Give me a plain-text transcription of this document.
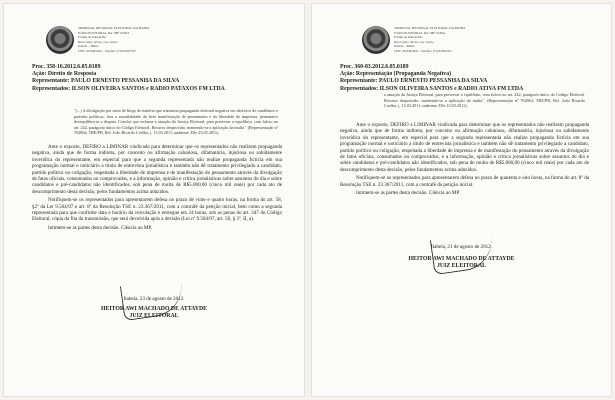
TRIBUNAL REGIONAL ELEITORAL DA BAHIA
JUÍZO ELEITORAL DA 188ª ZONA
Fórum de Itabela-Ba
Rua Castro Alves, s/n, centro
Itabela – Bahia
CEP: 45.848-000 – Telefax: (73)32935357
Proc. 358-16.2012.6.05.0189
Ação: Direito de Resposta
Representante: PAULO ERNESTO PESSANHA DA SILVA
Representados: ILSON OLIVEIRA SANTOS e RÁDIO PATAXÓS FM LTDA
"(...) A divulgação por meio de blogs de matéria que transmita propaganda eleitoral negativa em desfavor de candidatos e partidos políticos, fora a razoabilidade da livre manifestação de pensamento e da liberdade de imprensa, permanece desequilibra-se a disputa. Conclui que reclama a atuação da Justiça Eleitoral, para preservar o equilíbrio, com fulcro no art. 242, parágrafo único do Código Eleitoral. Recurso desprovido, mantendo-se a aplicação da multa". (Representação nº 762864, TRE/PB, Rel. João Ricardo Coelho; j. 15.03.2011, unânime, DJe 23.03.2011).

Ante o exposto, DEFIRO a LIMINAR vindicada para determinar que os representados não realizem propaganda negativa, ainda que de forma indireta, por conceito ou afirmação caluniosa, difamatória, injuriosa ou sabidamente inverídica do representante, em especial para que a segunda representada não realize propaganda fictícia em sua programação normal e noticiário a título de entrevista jornalística e também não dê tratamento privilegiado a candidato, partido político ou coligação, respeitada a liberdade de imprensa e de manifestação do pensamento através da divulgação de fatos ofíciais, consumados ou comprovados, e a informação, opinião e crítica jornalísticas sobre assuntos do dia e sobre candidatos e pré-candidatos não identificados, sob pena de multa de R$5.000,00 (cinco mil reais) por cada ato de descumprimento desta decisão, pelos fundamentos acima aduzidos.

Notifiquem-se os representados para apresentarem defesa no prazo de vinte e quatro horas, na forma do art. 58, §2º da Lei 9.504/97 e art. 8º da Resolução TSE n. 23.367/2011, com a contrafé da petição inicial, bem como a segunda representada para que confirme data e horário da veiculação e entregue em 24 horas, sob as penas do art. 347 do Código Eleitoral, cópia da fita da transmissão, que será devolvida após a decisão (Lei nº 9.504/97, art. 58, § 3º, II, a).

Intimem-se as partes desta decisão. Ciência ao MP.

Itabela, 23 de agosto de 2012.
HEITOR AWI MACHADO DE ATTAYDE
JUIZ ELEITORAL
TRIBUNAL REGIONAL ELEITORAL DA BAHIA
JUÍZO ELEITORAL DA 188ª ZONA
Fórum de Itabela-Ba
Rua Castro Alves, s/n, centro
Itabela – Bahia
CEP: 45.848-000 – Telefax: (73)32935357
Proc. 360-83.2012.6.05.0189
Ação: Representação (Propaganda Negativa)
Representante: PAULO ERNESTO PESSANHA DA SILVA
Representados: ILSON OLIVEIRA SANTOS e RÁDIO ATIVA FM LTDA
a atuação da Justiça Eleitoral, para preservar o equilíbrio, com fulcro no art. 242, parágrafo único do Código Eleitoral. Recurso desprovido, mantendo-se a aplicação da multa". (Representação nº 762864, TRE/PB, Rel. João Ricardo Coelho; j. 15.03.2011, unânime, DJe 23.03.2011).

Ante o exposto, DEFIRO a LIMINAR vindicada para determinar que os representados não realizem propaganda negativa, ainda que de forma indireta, por conceito ou afirmação caluniosa, difamatória, injuriosa ou sabidamente inverídica do representante, em especial para que a segunda representada não realize propaganda fictícia em sua programação normal e noticiário a título de entrevista jornalística e também não dê tratamento privilegiado a candidato, partido político ou coligação, respeitada a liberdade de imprensa e de manifestação do pensamento através da divulgação de fatos ofíciais, consumados ou comprovados, e a informação, opinião e crítica jornalísticas sobre assuntos do dia e sobre candidatos e pré-candidatos não identificados, sob pena de multa de R$5.000,00 (cinco mil reais) por cada ato de descumprimento desta decisão, pelos fundamentos acima aduzidos.

Notifiquem-se os representados para apresentarem defesa no prazo de quarenta e oito horas, na forma do art. 8º da Resolução TSE n. 23.367/2011, com a contrafé da petição inicial.

Intimem-se as partes desta decisão. Ciência ao MP.

Itabela, 21 de agosto de 2012.
HEITOR AWI MACHADO DE ATTAYDE
JUIZ ELEITORAL
